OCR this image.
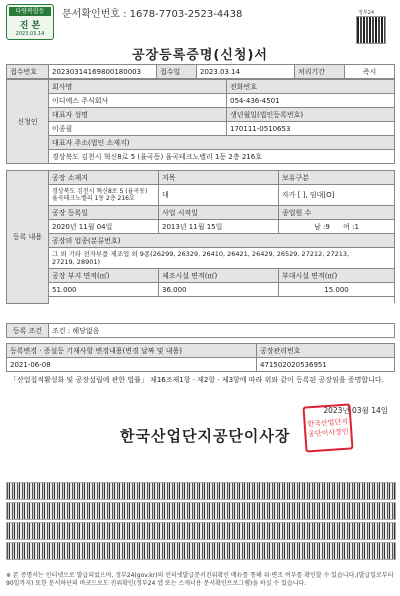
다량복합등
진 본
2023.03.14
문서확인번호 : 1678-7703-2523-4438	정부24
공장등록증명(신청)서
접수번호	20230314169800180003	접수일	2023.03.14	처리기간	즉시
신청인	회사명	전화번호
	이디에스 주식회사	054-436-4501
	대표자 성명	생년월일(법인등록번호)
	이종필	170111-0510653
	대표자 주소(법인 소재지)	
	경상북도 김천시 혁신8로 5 (율곡동) 율곡테크노밸리 1동 2층 216호	
등록 내용	공장 소재지	지목	보유구분
	경상북도 김천시 혁신8로 5 (율곡동)
율곡테크노밸리 1동 2층 216호	대	자가 [ ], 임대[O]
	공장 등록일	사업 시작일	종업원 수
	2020년 11월 04일	2013년 11월 15일	남 :9      여 :1
	공장의 업종(분류번호)		
	그 외 기타 전자부품 제조업 외 9종(26299, 26329, 26410, 26421, 26429, 26529, 27212, 27213,
27219, 28901)		
	공장 부지 면적(㎡)	제조시설 면적(㎡)	부대시설 면적(㎡)
	51.000	36.000	15.000

등록 조건	조건 : 해당없음
등록변경 · 증설등 기재사항 변경내용(변경 날짜 및 내용)	공장관리번호
2021-06-08	471502020536951
「산업집적활성화 및 공장설립에 관한 법률」 제16조제1항 · 제2항 · 제3항에 따라 위와 같이 등록된 공장임을 증명합니다.
2023년 03월 14일
한국산업단지공단이사장
한국산업단지공단이사장인
※ 본 증명서는 인터넷으로 발급되었으며, 정부24(gov.kr)의 인터넷발급문서진위확인 메뉴를 통해 위·변조 여부를 확인할 수 있습니다.(발급일로부터 90일까지) 또한 문서하단의 바코드로도 진위확인(정부24 앱 또는 스캐너용 문서확인프로그램)을 하실 수 있습니다.
